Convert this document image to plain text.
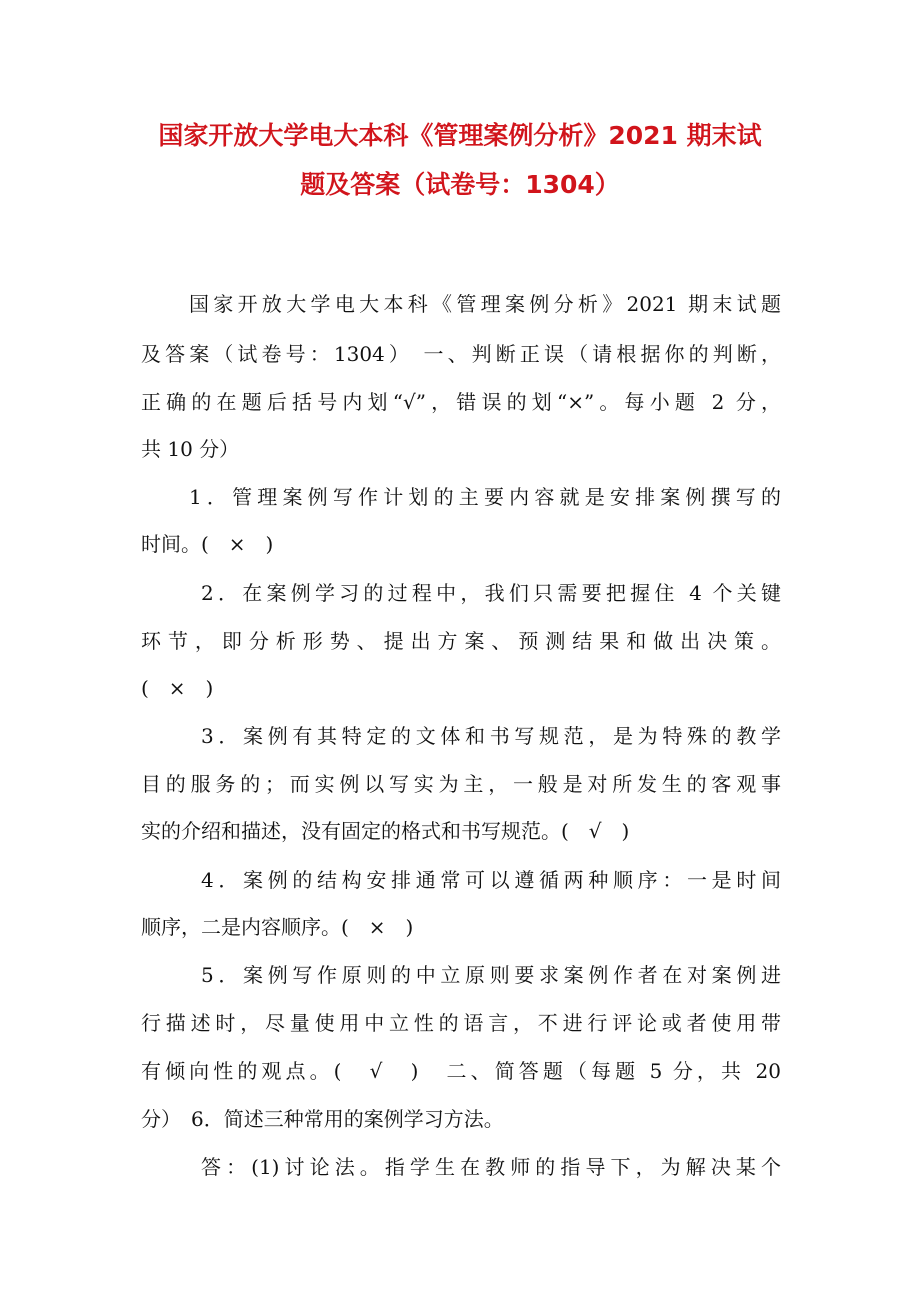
国家开放大学电大本科《管理案例分析》2021 期末试
题及答案（试卷号：1304）
国家开放大学电大本科《管理案例分析》2021 期末试题
及答案（试卷号：1304） 一、判断正误（请根据你的判断，
正确的在题后括号内划“√”，错误的划“×”。每小题 2 分，
共 10 分）
1．管理案例写作计划的主要内容就是安排案例撰写的
时间。(　×　)
2．在案例学习的过程中，我们只需要把握住 4 个关键
环节，即分析形势、提出方案、预测结果和做出决策。
(　×　)
3．案例有其特定的文体和书写规范，是为特殊的教学
目的服务的；而实例以写实为主，一般是对所发生的客观事
实的介绍和描述，没有固定的格式和书写规范。(　√　)
4．案例的结构安排通常可以遵循两种顺序：一是时间
顺序，二是内容顺序。(　×　)
5．案例写作原则的中立原则要求案例作者在对案例进
行描述时，尽量使用中立性的语言，不进行评论或者使用带
有倾向性的观点。(　√　)　二、简答题（每题 5 分，共 20
分）　6．简述三种常用的案例学习方法。
答：(1)讨论法。指学生在教师的指导下，为解决某个
